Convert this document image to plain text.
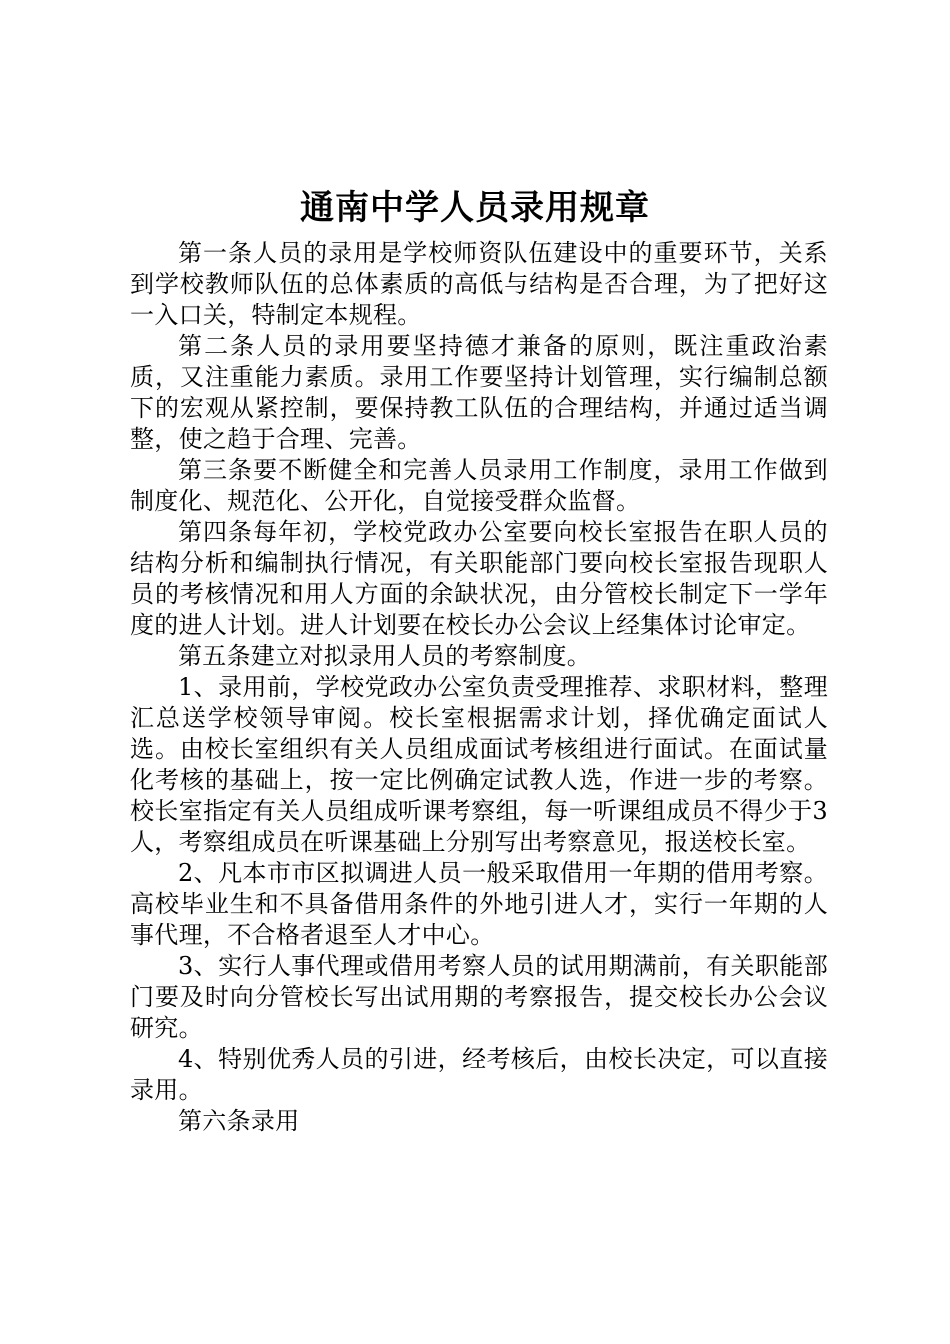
通南中学人员录用规章

第一条人员的录用是学校师资队伍建设中的重要环节，关系到学校教师队伍的总体素质的高低与结构是否合理，为了把好这一入口关，特制定本规程。

第二条人员的录用要坚持德才兼备的原则，既注重政治素质，又注重能力素质。录用工作要坚持计划管理，实行编制总额下的宏观从紧控制，要保持教工队伍的合理结构，并通过适当调整，使之趋于合理、完善。

第三条要不断健全和完善人员录用工作制度，录用工作做到制度化、规范化、公开化，自觉接受群众监督。

第四条每年初，学校党政办公室要向校长室报告在职人员的结构分析和编制执行情况，有关职能部门要向校长室报告现职人员的考核情况和用人方面的余缺状况，由分管校长制定下一学年度的进人计划。进人计划要在校长办公会议上经集体讨论审定。

第五条建立对拟录用人员的考察制度。

1、录用前，学校党政办公室负责受理推荐、求职材料，整理汇总送学校领导审阅。校长室根据需求计划，择优确定面试人选。由校长室组织有关人员组成面试考核组进行面试。在面试量化考核的基础上，按一定比例确定试教人选，作进一步的考察。校长室指定有关人员组成听课考察组，每一听课组成员不得少于3人，考察组成员在听课基础上分别写出考察意见，报送校长室。

2、凡本市市区拟调进人员一般采取借用一年期的借用考察。高校毕业生和不具备借用条件的外地引进人才，实行一年期的人事代理，不合格者退至人才中心。

3、实行人事代理或借用考察人员的试用期满前，有关职能部门要及时向分管校长写出试用期的考察报告，提交校长办公会议研究。

4、特别优秀人员的引进，经考核后，由校长决定，可以直接录用。

第六条录用
